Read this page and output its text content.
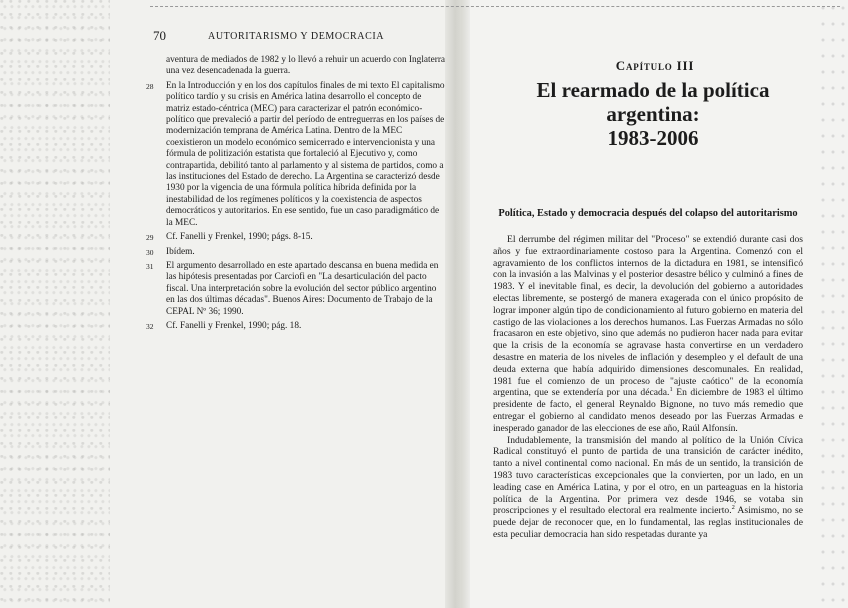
70	AUTORITARISMO Y DEMOCRACIA
aventura de mediados de 1982 y lo llevó a rehuir un acuerdo con Inglaterra una vez desencadenada la guerra.
28 En la Introducción y en los dos capítulos finales de mi texto El capitalismo político tardío y su crisis en América latina desarrollo el concepto de matriz estado-céntrica (MEC) para caracterizar el patrón económico-político que prevaleció a partir del período de entreguerras en los países de modernización temprana de América Latina. Dentro de la MEC coexistieron un modelo económico semicerrado e intervencionista y una fórmula de politización estatista que fortaleció al Ejecutivo y, como contrapartida, debilitó tanto al parlamento y al sistema de partidos, como a las instituciones del Estado de derecho. La Argentina se caracterizó desde 1930 por la vigencia de una fórmula política híbrida definida por la inestabilidad de los regímenes políticos y la coexistencia de aspectos democráticos y autoritarios. En ese sentido, fue un caso paradigmático de la MEC.

29 Cf. Fanelli y Frenkel, 1990; págs. 8-15.

30 Ibídem.

31 El argumento desarrollado en este apartado descansa en buena medida en las hipótesis presentadas por Carciofi en "La desarticulación del pacto fiscal. Una interpretación sobre la evolución del sector público argentino en las dos últimas décadas". Buenos Aires: Documento de Trabajo de la CEPAL Nº 36; 1990.

32 Cf. Fanelli y Frenkel, 1990; pág. 18.

Capítulo III
El rearmado de la política argentina:
1983-2006
Política, Estado y democracia después del colapso del autoritarismo

El derrumbe del régimen militar del "Proceso" se extendió durante casi dos años y fue extraordinariamente costoso para la Argentina. Comenzó con el agravamiento de los conflictos internos de la dictadura en 1981, se intensificó con la invasión a las Malvinas y el posterior desastre bélico y culminó a fines de 1983. Y el inevitable final, es decir, la devolución del gobierno a autoridades electas libremente, se postergó de manera exagerada con el único propósito de lograr imponer algún tipo de condicionamiento al futuro gobierno en materia del castigo de las violaciones a los derechos humanos. Las Fuerzas Armadas no sólo fracasaron en este objetivo, sino que además no pudieron hacer nada para evitar que la crisis de la economía se agravase hasta convertirse en un verdadero desastre en materia de los niveles de inflación y desempleo y el default de una deuda externa que había adquirido dimensiones descomunales. En realidad, 1981 fue el comienzo de un proceso de "ajuste caótico" de la economía argentina, que se extendería por una década.$^1$ En diciembre de 1983 el último presidente de facto, el general Reynaldo Bignone, no tuvo más remedio que entregar el gobierno al candidato menos deseado por las Fuerzas Armadas e inesperado ganador de las elecciones de ese año, Raúl Alfonsín.

Indudablemente, la transmisión del mando al político de la Unión Cívica Radical constituyó el punto de partida de una transición de carácter inédito, tanto a nivel continental como nacional. En más de un sentido, la transición de 1983 tuvo características excepcionales que la convierten, por un lado, en un leading case en América Latina, y por el otro, en un parteaguas en la historia política de la Argentina. Por primera vez desde 1946, se votaba sin proscripciones y el resultado electoral era realmente incierto.$^2$ Asimismo, no se puede dejar de reconocer que, en lo fundamental, las reglas institucionales de esta peculiar democracia han sido respetadas durante ya
